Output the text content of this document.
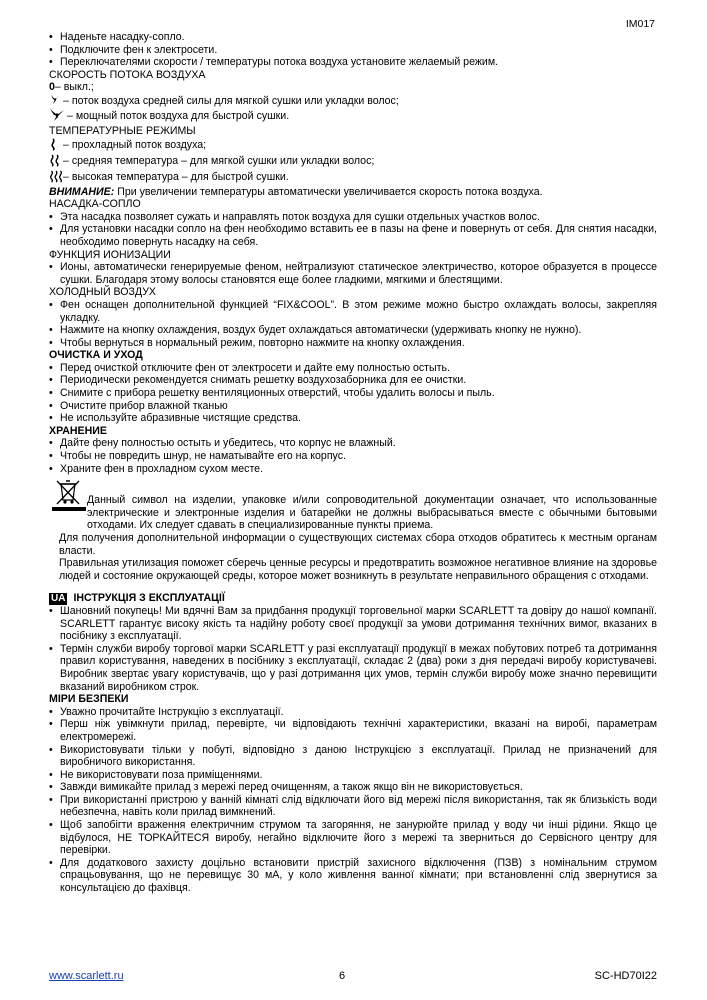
IM017
• Наденьте насадку-сопло.
• Подключите фен к электросети.
• Переключателями скорости / температуры потока воздуха установите желаемый режим.
СКОРОСТЬ ПОТОКА ВОЗДУХА
0 – выкл.;
– поток воздуха средней силы для мягкой сушки или укладки волос;
– мощный поток воздуха для быстрой сушки.
ТЕМПЕРАТУРНЫЕ РЕЖИМЫ
– прохладный поток воздуха;
– средняя температура – для мягкой сушки или укладки волос;
– высокая температура – для быстрой сушки.
ВНИМАНИЕ: При увеличении температуры автоматически увеличивается скорость потока воздуха.
НАСАДКА-СОПЛО
• Эта насадка позволяет сужать и направлять поток воздуха для сушки отдельных участков волос.
• Для установки насадки сопло на фен необходимо вставить ее в пазы на фене и повернуть от себя. Для снятия насадки, необходимо повернуть насадку на себя.
ФУНКЦИЯ ИОНИЗАЦИИ
• Ионы, автоматически генерируемые феном, нейтрализуют статическое электричество, которое образуется в процессе сушки. Благодаря этому волосы становятся еще более гладкими, мягкими и блестящими.
ХОЛОДНЫЙ ВОЗДУХ
• Фен оснащен дополнительной функцией “FIX&COOL”. В этом режиме можно быстро охлаждать волосы, закрепляя укладку.
• Нажмите на кнопку охлаждения, воздух будет охлаждаться автоматически (удерживать кнопку не нужно).
• Чтобы вернуться в нормальный режим, повторно нажмите на кнопку охлаждения.
ОЧИСТКА И УХОД
• Перед очисткой отключите фен от электросети и дайте ему полностью остыть.
• Периодически рекомендуется снимать решетку воздухозаборника для ее очистки.
• Снимите с прибора решетку вентиляционных отверстий, чтобы удалить волосы и пыль.
• Очистите прибор влажной тканью
• Не используйте абразивные чистящие средства.
ХРАНЕНИЕ
• Дайте фену полностью остыть и убедитесь, что корпус не влажный.
• Чтобы не повредить шнур, не наматывайте его на корпус.
• Храните фен в прохладном сухом месте.
Данный символ на изделии, упаковке и/или сопроводительной документации означает, что использованные электрические и электронные изделия и батарейки не должны выбрасываться вместе с обычными бытовыми отходами. Их следует сдавать в специализированные пункты приема.
Для получения дополнительной информации о существующих системах сбора отходов обратитесь к местным органам власти.
Правильная утилизация поможет сберечь ценные ресурсы и предотвратить возможное негативное влияние на здоровье людей и состояние окружающей среды, которое может возникнуть в результате неправильного обращения с отходами.
UA ІНСТРУКЦІЯ З ЕКСПЛУАТАЦІЇ
• Шановний покупець! Ми вдячні Вам за придбання продукції торговельної марки SCARLETT та довіру до нашої компанії. SCARLETT гарантує високу якість та надійну роботу своєї продукції за умови дотримання технічних вимог, вказаних в посібнику з експлуатації.
• Термін служби виробу торгової марки SCARLETT у разі експлуатації продукції в межах побутових потреб та дотримання правил користування, наведених в посібнику з експлуатації, складає 2 (два) роки з дня передачі виробу користувачеві. Виробник звертає увагу користувачів, що у разі дотримання цих умов, термін служби виробу може значно перевищити вказаний виробником строк.
МІРИ БЕЗПЕКИ
• Уважно прочитайте Інструкцію з експлуатації.
• Перш ніж увімкнути прилад, перевірте, чи відповідають технічні характеристики, вказані на виробі, параметрам електромережі.
• Використовувати тільки у побуті, відповідно з даною Інструкцією з експлуатації. Прилад не призначений для виробничого використання.
• Не використовувати поза приміщеннями.
• Завжди вимикайте прилад з мережі перед очищенням, а також якщо він не використовується.
• При використанні пристрою у ванній кімнаті слід відключати його від мережі після використання, так як близькість води небезпечна, навіть коли прилад вимкнений.
• Щоб запобігти враження електричним струмом та загоряння, не занурюйте прилад у воду чи інші рідини. Якщо це відбулося, НЕ ТОРКАЙТЕСЯ виробу, негайно відключите його з мережі та зверниться до Сервісного центру для перевірки.
• Для додаткового захисту доцільно встановити пристрій захисного відключення (ПЗВ) з номінальним струмом спрацьовування, що не перевищує 30 мА, у коло живлення ванної кімнати; при встановленні слід звернутися за консультацією до фахівця.
www.scarlett.ru	6	SC-HD70I22
